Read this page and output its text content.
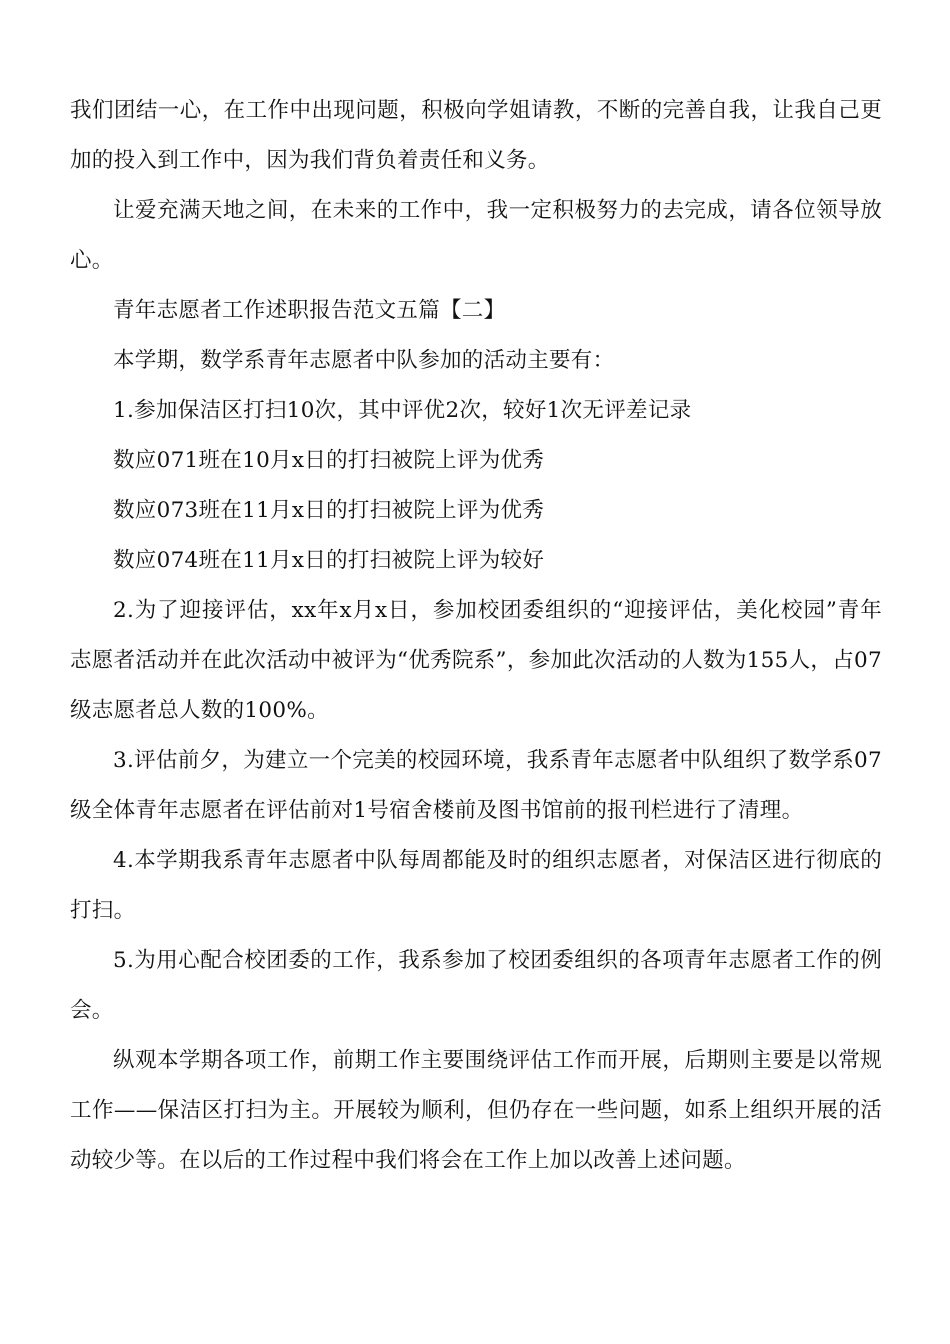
我们团结一心，在工作中出现问题，积极向学姐请教，不断的完善自我，让我自己更加的投入到工作中，因为我们背负着责任和义务。

让爱充满天地之间，在未来的工作中，我一定积极努力的去完成，请各位领导放心。

青年志愿者工作述职报告范文五篇【二】

本学期，数学系青年志愿者中队参加的活动主要有：

1.参加保洁区打扫10次，其中评优2次，较好1次无评差记录

数应071班在10月x日的打扫被院上评为优秀

数应073班在11月x日的打扫被院上评为优秀

数应074班在11月x日的打扫被院上评为较好

2.为了迎接评估，xx年x月x日，参加校团委组织的“迎接评估，美化校园”青年志愿者活动并在此次活动中被评为“优秀院系”，参加此次活动的人数为155人，占07级志愿者总人数的100%。

3.评估前夕，为建立一个完美的校园环境，我系青年志愿者中队组织了数学系07级全体青年志愿者在评估前对1号宿舍楼前及图书馆前的报刊栏进行了清理。

4.本学期我系青年志愿者中队每周都能及时的组织志愿者，对保洁区进行彻底的打扫。

5.为用心配合校团委的工作，我系参加了校团委组织的各项青年志愿者工作的例会。

纵观本学期各项工作，前期工作主要围绕评估工作而开展，后期则主要是以常规工作——保洁区打扫为主。开展较为顺利，但仍存在一些问题，如系上组织开展的活动较少等。在以后的工作过程中我们将会在工作上加以改善上述问题。
